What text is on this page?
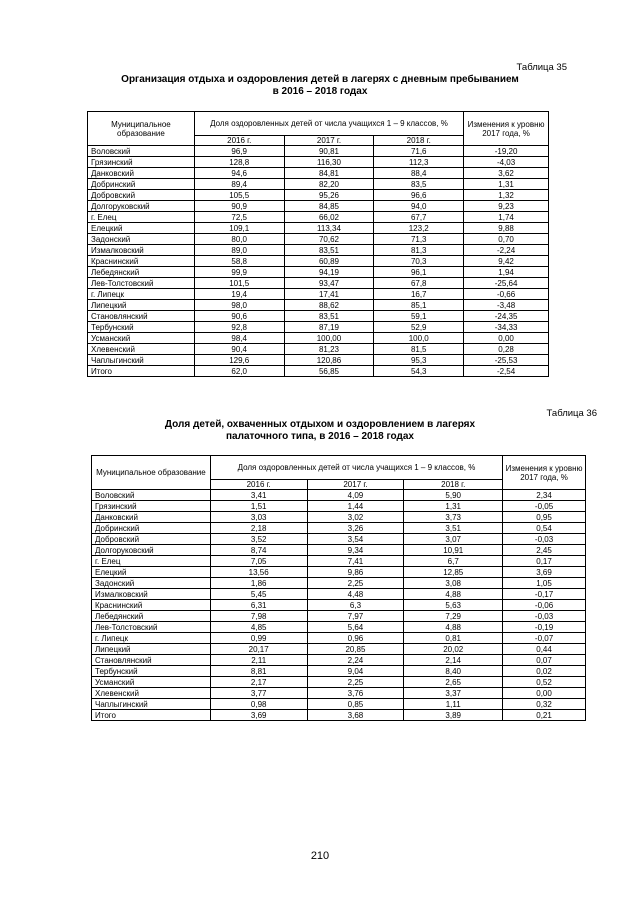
Таблица 35
Организация отдыха и оздоровления детей в лагерях с дневным пребыванием
в 2016 – 2018 годах
Муниципальное образование	Доля оздоровленных детей от числа учащихся 1 – 9 классов, %			Изменения к уровню 2017 года, %
	2016 г.	2017 г.	2018 г.	
Воловский	96,9	90,81	71,6	-19,20
Грязинский	128,8	116,30	112,3	-4,03
Данковский	94,6	84,81	88,4	3,62
Добринский	89,4	82,20	83,5	1,31
Добровский	105,5	95,26	96,6	1,32
Долгоруковский	90,9	84,85	94,0	9,23
г. Елец	72,5	66,02	67,7	1,74
Елецкий	109,1	113,34	123,2	9,88
Задонский	80,0	70,62	71,3	0,70
Измалковский	89,0	83,51	81,3	-2,24
Краснинский	58,8	60,89	70,3	9,42
Лебедянский	99,9	94,19	96,1	1,94
Лев-Толстовский	101,5	93,47	67,8	-25,64
г. Липецк	19,4	17,41	16,7	-0,66
Липецкий	98,0	88,62	85,1	-3,48
Становлянский	90,6	83,51	59,1	-24,35
Тербунский	92,8	87,19	52,9	-34,33
Усманский	98,4	100,00	100,0	0,00
Хлевенский	90,4	81,23	81,5	0,28
Чаплыгинский	129,6	120,86	95,3	-25,53
Итого	62,0	56,85	54,3	-2,54
Таблица 36
Доля детей, охваченных отдыхом и оздоровлением в лагерях
палаточного типа, в 2016 – 2018 годах
Муниципальное образование	Доля оздоровленных детей от числа учащихся 1 – 9 классов, %			Изменения к уровню 2017 года, %
	2016 г.	2017 г.	2018 г.	
Воловский	3,41	4,09	5,90	2,34
Грязинский	1,51	1,44	1,31	-0,05
Данковский	3,03	3,02	3,73	0,95
Добринский	2,18	3,26	3,51	0,54
Добровский	3,52	3,54	3,07	-0,03
Долгоруковский	8,74	9,34	10,91	2,45
г. Елец	7,05	7,41	6,7	0,17
Елецкий	13,56	9,86	12,85	3,69
Задонский	1,86	2,25	3,08	1,05
Измалковский	5,45	4,48	4,88	-0,17
Краснинский	6,31	6,3	5,63	-0,06
Лебедянский	7,98	7,97	7,29	-0,03
Лев-Толстовский	4,85	5,64	4,88	-0,19
г. Липецк	0,99	0,96	0,81	-0,07
Липецкий	20,17	20,85	20,02	0,44
Становлянский	2,11	2,24	2,14	0,07
Тербунский	8,81	9,04	8,40	0,02
Усманский	2,17	2,25	2,65	0,52
Хлевенский	3,77	3,76	3,37	0,00
Чаплыгинский	0,98	0,85	1,11	0,32
Итого	3,69	3,68	3,89	0,21
210
